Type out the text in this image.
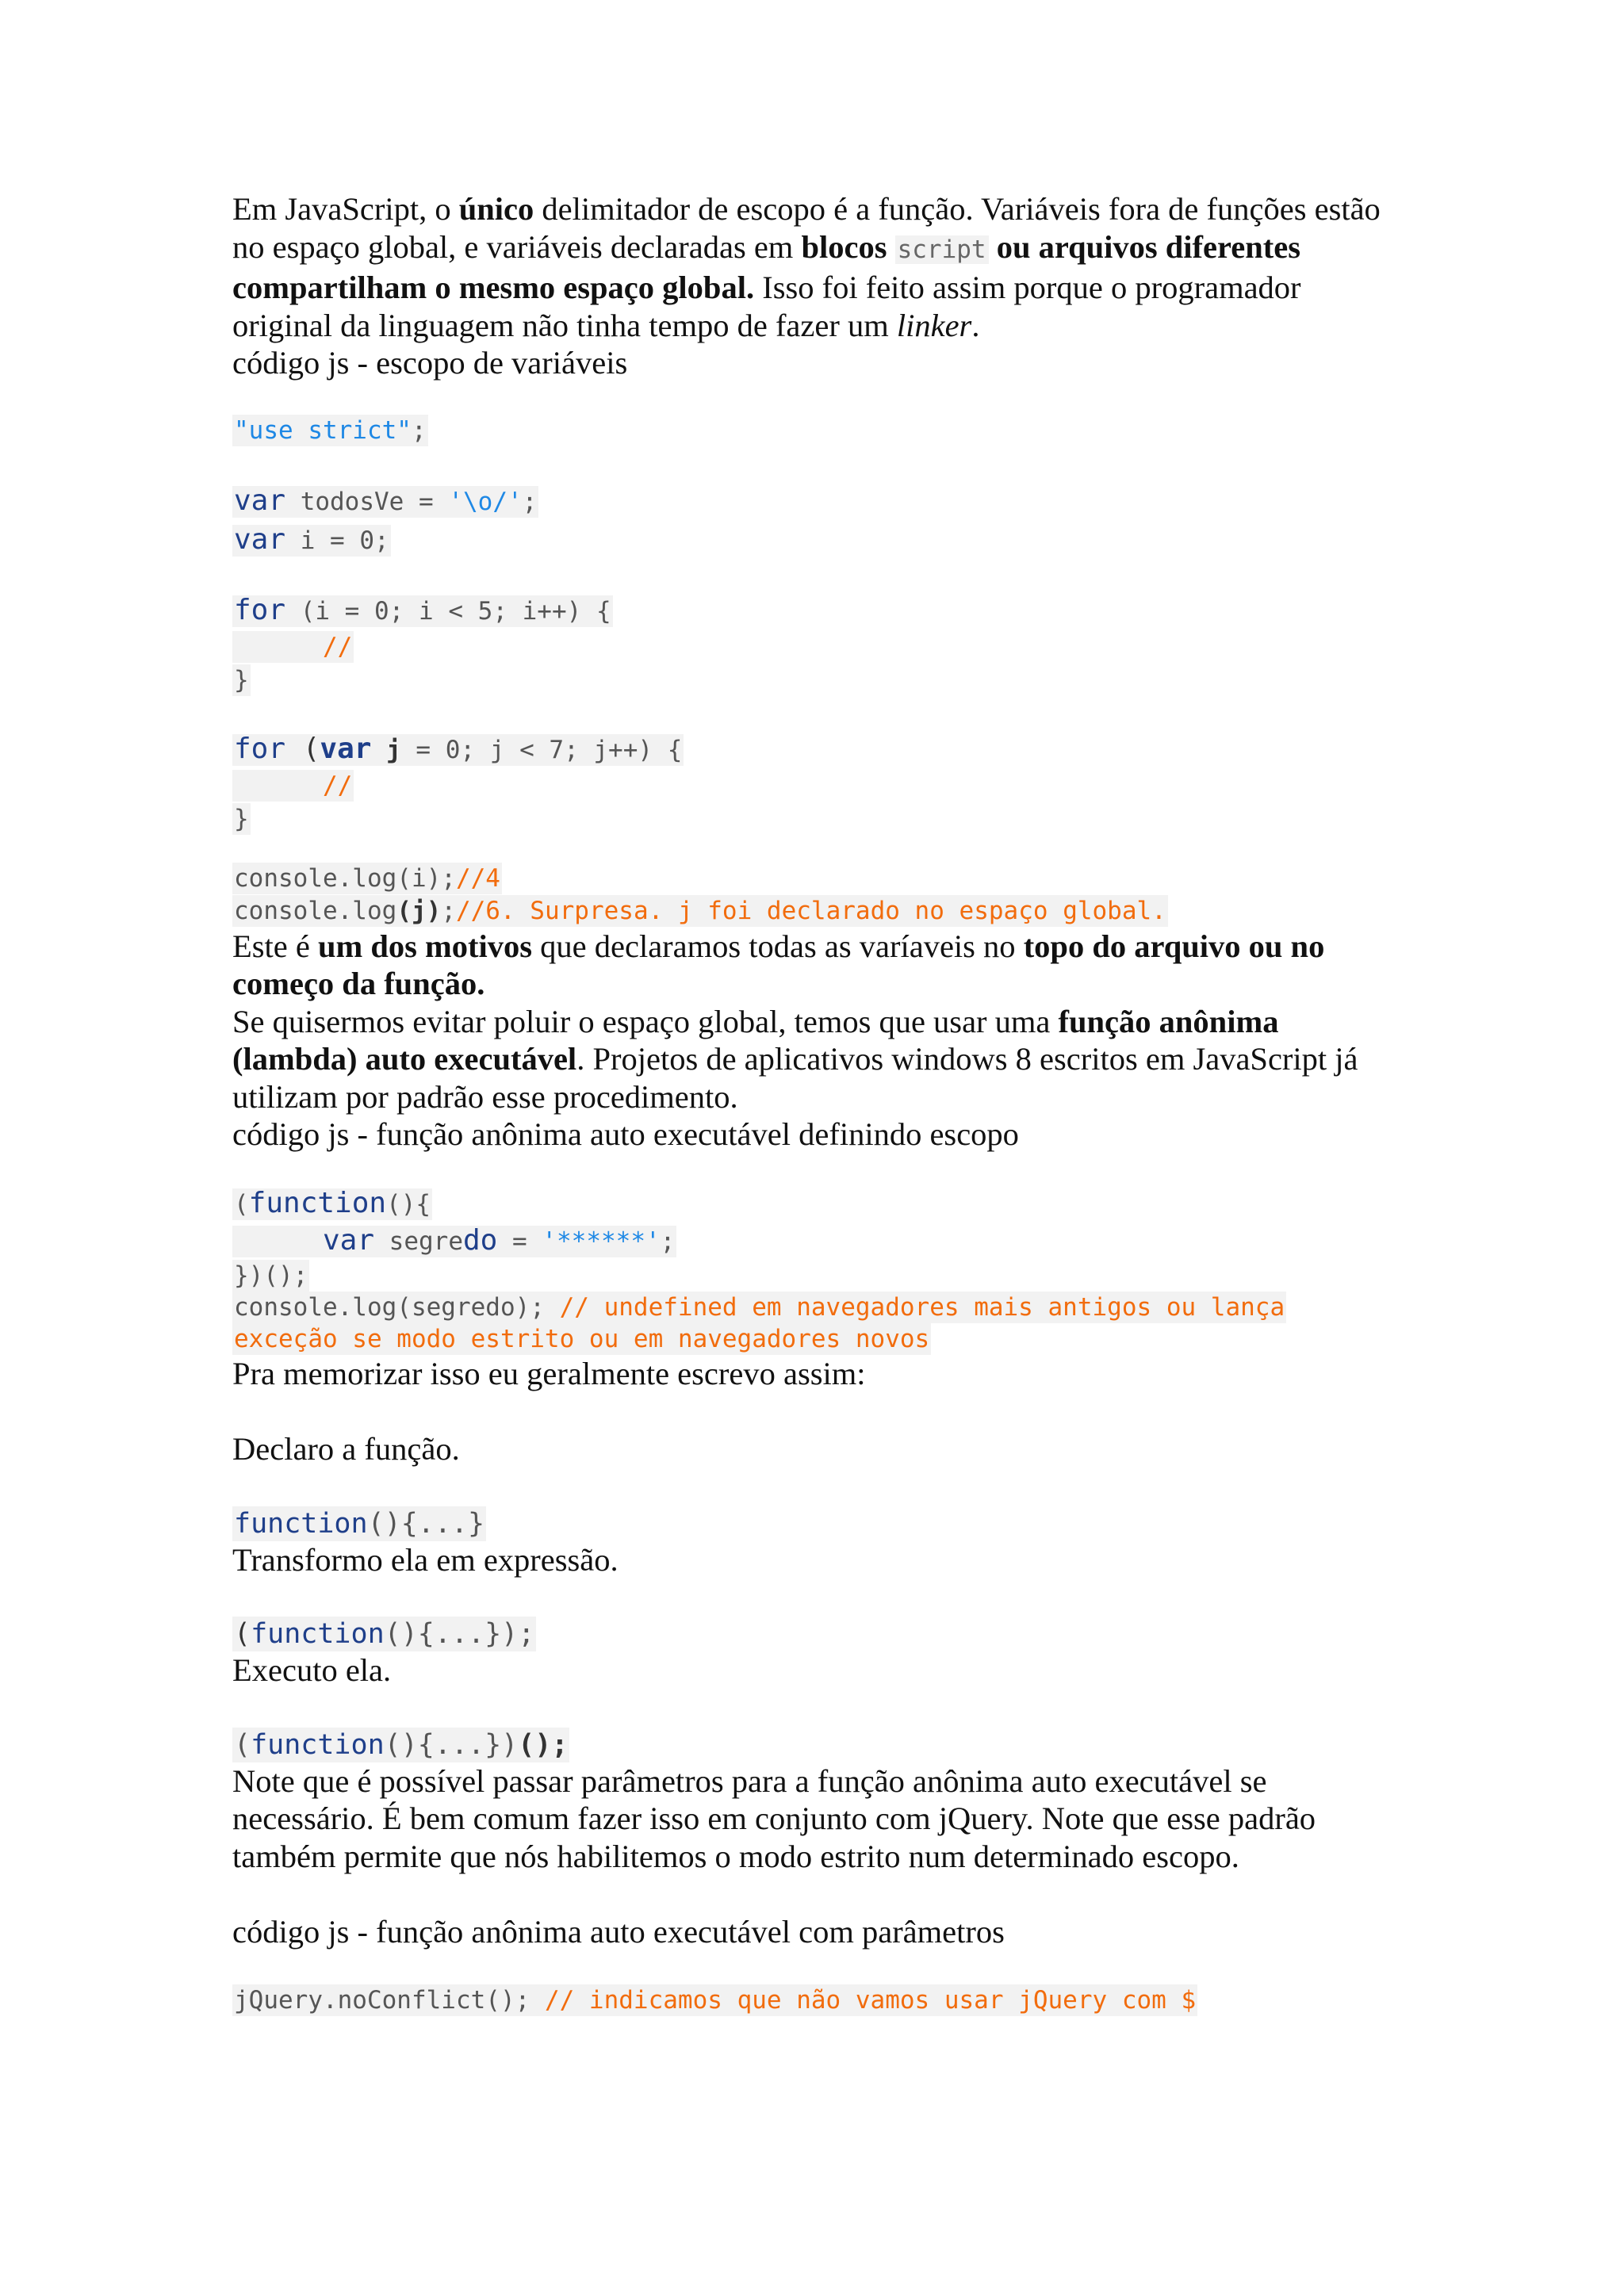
Em JavaScript, o único delimitador de escopo é a função. Variáveis fora de funções estão no espaço global, e variáveis declaradas em blocos script ou arquivos diferentes compartilham o mesmo espaço global. Isso foi feito assim porque o programador original da linguagem não tinha tempo de fazer um linker.

código js - escopo de variáveis

"use strict";
var todosVe = '\o/';
var i = 0;
for (i = 0; i < 5; i++) {
//
}
for (var j = 0; j < 7; j++) {
//
}
console.log(i);//4
console.log(j);//6. Surpresa. j foi declarado no espaço global.

Este é um dos motivos que declaramos todas as varíaveis no topo do arquivo ou no começo da função.

Se quisermos evitar poluir o espaço global, temos que usar uma função anônima (lambda) auto executável. Projetos de aplicativos windows 8 escritos em JavaScript já utilizam por padrão esse procedimento.

código js - função anônima auto executável definindo escopo

(function(){
var segredo = '******';
})();
console.log(segredo); // undefined em navegadores mais antigos ou lança
exceção se modo estrito ou em navegadores novos

Pra memorizar isso eu geralmente escrevo assim:

Declaro a função.

function(){...}

Transformo ela em expressão.

(function(){...});

Executo ela.

(function(){...})();

Note que é possível passar parâmetros para a função anônima auto executável se necessário. É bem comum fazer isso em conjunto com jQuery. Note que esse padrão também permite que nós habilitemos o modo estrito num determinado escopo.

código js - função anônima auto executável com parâmetros

jQuery.noConflict(); // indicamos que não vamos usar jQuery com $
